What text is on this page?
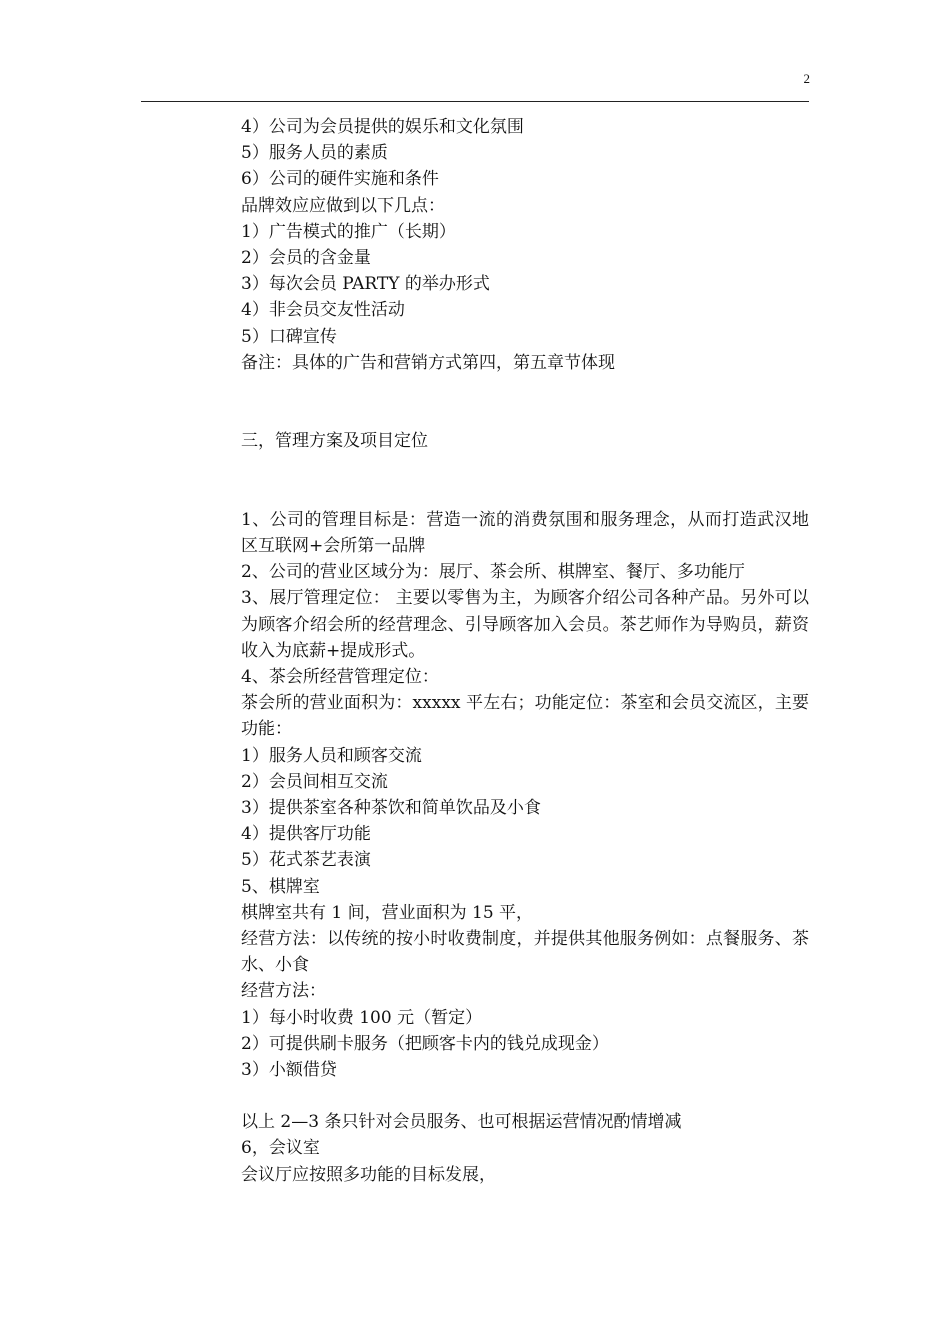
2
4）公司为会员提供的娱乐和文化氛围
5）服务人员的素质
6）公司的硬件实施和条件
品牌效应应做到以下几点：
1）广告模式的推广（长期）
2）会员的含金量
3）每次会员 PARTY 的举办形式
4）非会员交友性活动
5）口碑宣传
备注：具体的广告和营销方式第四，第五章节体现
三，管理方案及项目定位
1、公司的管理目标是：营造一流的消费氛围和服务理念，从而打造武汉地区互联网+会所第一品牌
2、公司的营业区域分为：展厅、茶会所、棋牌室、餐厅、多功能厅
3、展厅管理定位： 主要以零售为主，为顾客介绍公司各种产品。另外可以为顾客介绍会所的经营理念、引导顾客加入会员。茶艺师作为导购员，薪资收入为底薪+提成形式。
4、茶会所经营管理定位：
茶会所的营业面积为：xxxxx 平左右；功能定位：茶室和会员交流区，主要功能：
1）服务人员和顾客交流
2）会员间相互交流
3）提供茶室各种茶饮和简单饮品及小食
4）提供客厅功能
5）花式茶艺表演
5、棋牌室
棋牌室共有 1 间，营业面积为 15 平，
经营方法：以传统的按小时收费制度，并提供其他服务例如：点餐服务、茶水、小食
经营方法：
1）每小时收费 100 元（暂定）
2）可提供刷卡服务（把顾客卡内的钱兑成现金）
3）小额借贷
以上 2—3 条只针对会员服务、也可根据运营情况酌情增减
6，会议室
会议厅应按照多功能的目标发展，
